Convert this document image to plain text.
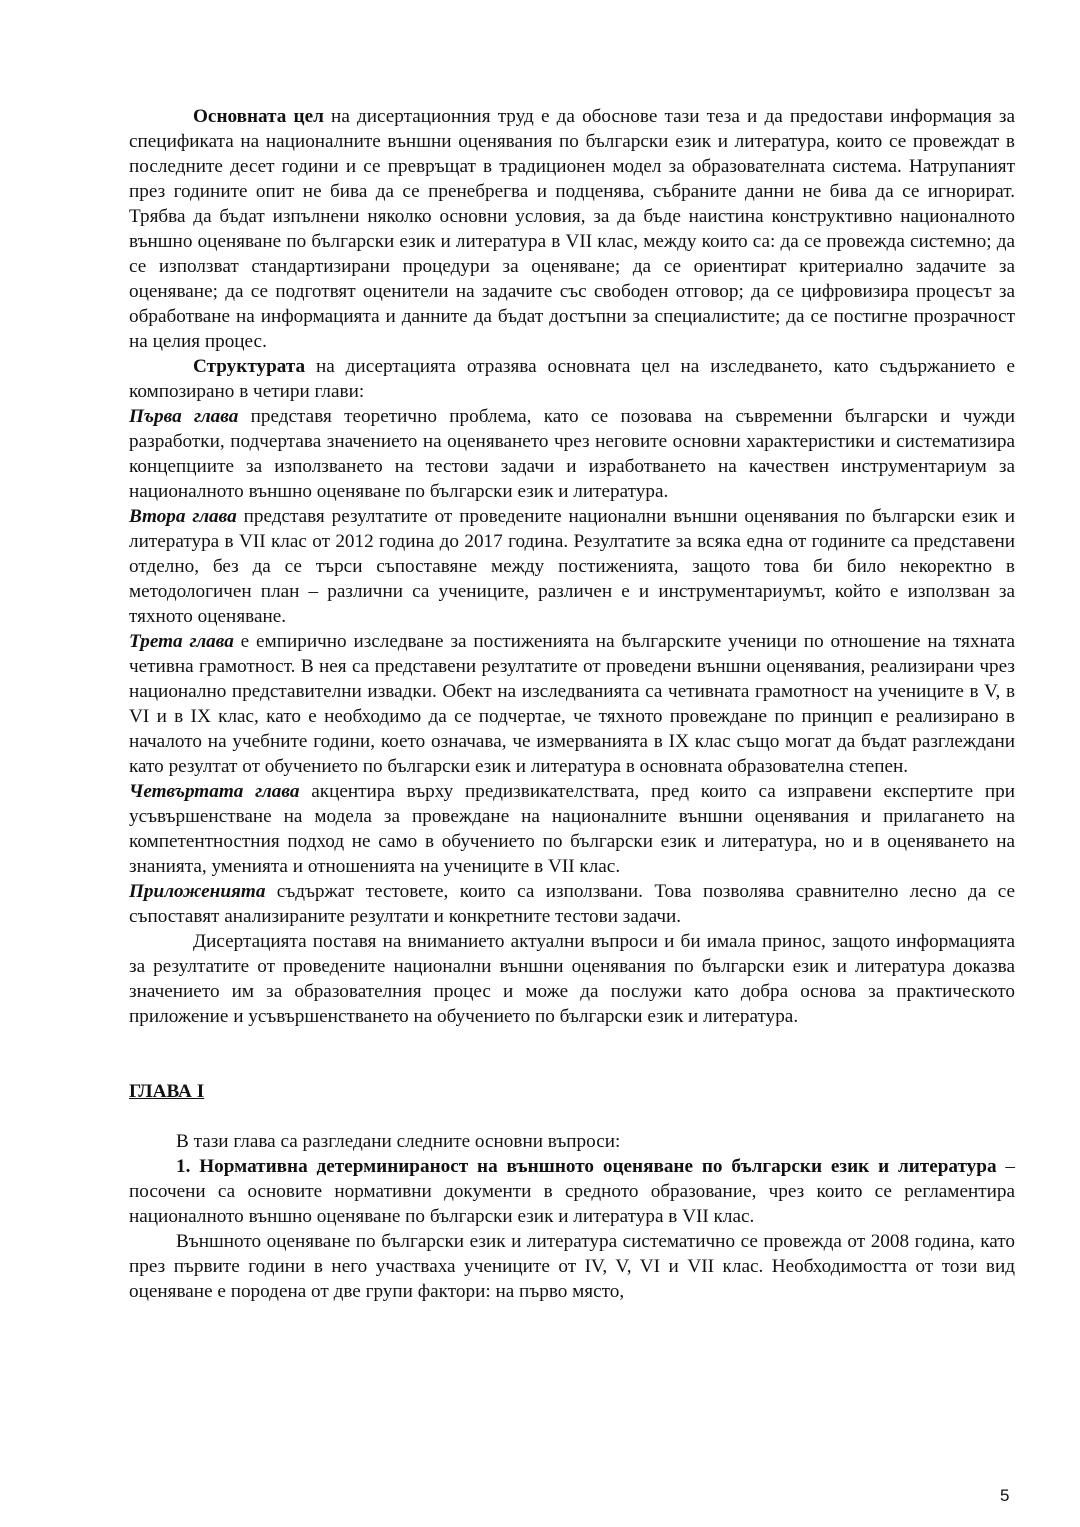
Основната цел на дисертационния труд е да обоснове тази теза и да предостави информация за спецификата на националните външни оценявания по български език и литература, които се провеждат в последните десет години и се превръщат в традиционен модел за образователната система. Натрупаният през годините опит не бива да се пренебрегва и подценява, събраните данни не бива да се игнорират. Трябва да бъдат изпълнени няколко основни условия, за да бъде наистина конструктивно националното външно оценяване по български език и литература в VII клас, между които са: да се провежда системно; да се използват стандартизирани процедури за оценяване; да се ориентират критериално задачите за оценяване; да се подготвят оценители на задачите със свободен отговор; да се цифровизира процесът за обработване на информацията и данните да бъдат достъпни за специалистите; да се постигне прозрачност на целия процес.

Структурата на дисертацията отразява основната цел на изследването, като съдържанието е композирано в четири глави:

Първа глава представя теоретично проблема, като се позовава на съвременни български и чужди разработки, подчертава значението на оценяването чрез неговите основни характеристики и систематизира концепциите за използването на тестови задачи и изработването на качествен инструментариум за националното външно оценяване по български език и литература.

Втора глава представя резултатите от проведените национални външни оценявания по български език и литература в VII клас от 2012 година до 2017 година. Резултатите за всяка една от годините са представени отделно, без да се търси съпоставяне между постиженията, защото това би било некоректно в методологичен план – различни са учениците, различен е и инструментариумът, който е използван за тяхното оценяване.

Трета глава е емпирично изследване за постиженията на българските ученици по отношение на тяхната четивна грамотност. В нея са представени резултатите от проведени външни оценявания, реализирани чрез национално представителни извадки. Обект на изследванията са четивната грамотност на учениците в V, в VI и в IX клас, като е необходимо да се подчертае, че тяхното провеждане по принцип е реализирано в началото на учебните години, което означава, че измерванията в IX клас също могат да бъдат разглеждани като резултат от обучението по български език и литература в основната образователна степен.

Четвъртата глава акцентира върху предизвикателствата, пред които са изправени експертите при усъвършенстване на модела за провеждане на националните външни оценявания и прилагането на компетентностния подход не само в обучението по български език и литература, но и в оценяването на знанията, уменията и отношенията на учениците в VII клас.

Приложенията съдържат тестовете, които са използвани. Това позволява сравнително лесно да се съпоставят анализираните резултати и конкретните тестови задачи.

Дисертацията поставя на вниманието актуални въпроси и би имала принос, защото информацията за резултатите от проведените национални външни оценявания по български език и литература доказва значението им за образователния процес и може да послужи като добра основа за практическото приложение и усъвършенстването на обучението по български език и литература.

ГЛАВА I

В тази глава са разгледани следните основни въпроси:

1. Нормативна детерминираност на външното оценяване по български език и литература – посочени са основите нормативни документи в средното образование, чрез които се регламентира националното външно оценяване по български език и литература в VII клас.

Външното оценяване по български език и литература систематично се провежда от 2008 година, като през първите години в него участваха учениците от IV, V, VI и VII клас. Необходимостта от този вид оценяване е породена от две групи фактори: на първо място,

5
